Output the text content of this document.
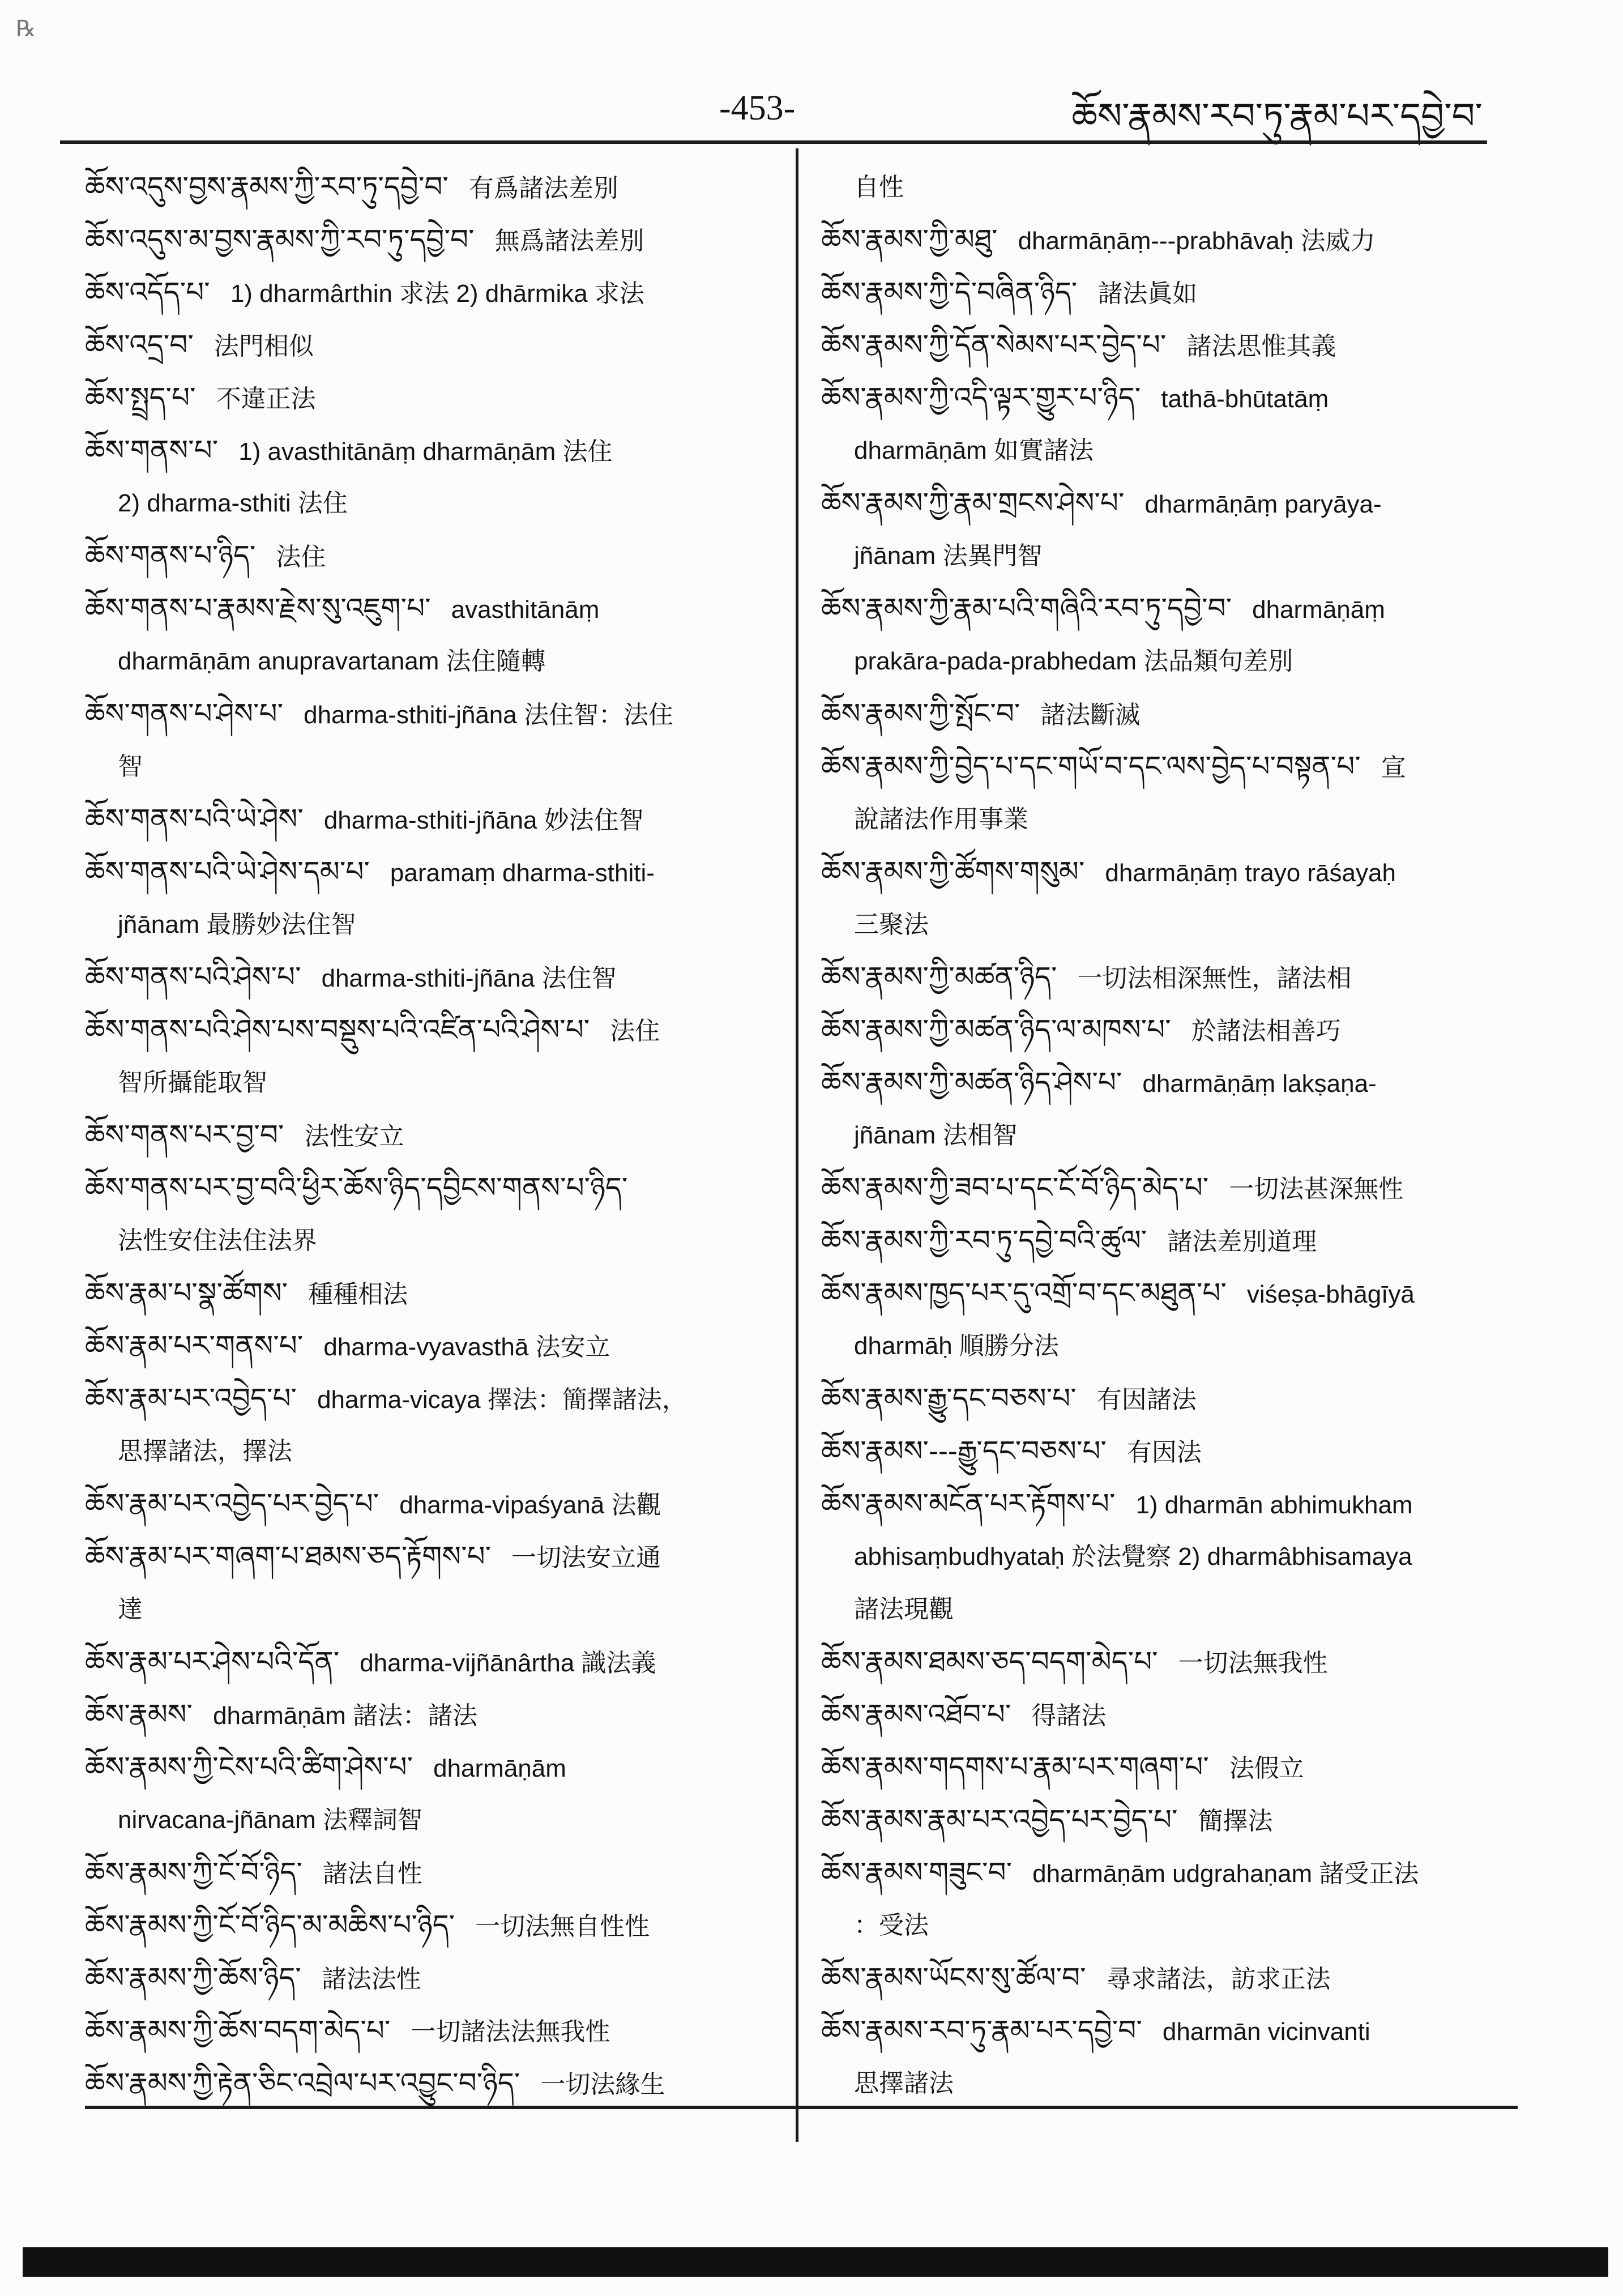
℞
-453-	ཆོས་རྣམས་རབ་ཏུ་རྣམ་པར་དབྱེ་བ་
ཆོས་འདུས་བྱས་རྣམས་ཀྱི་རབ་ཏུ་དབྱེ་བ་ 有爲諸法差別
ཆོས་འདུས་མ་བྱས་རྣམས་ཀྱི་རབ་ཏུ་དབྱེ་བ་ 無爲諸法差別
ཆོས་འདོད་པ་ 1) dharmârthin 求法 2) dhārmika 求法
ཆོས་འདྲ་བ་ 法門相似
ཆོས་སྤྲད་པ་ 不違正法
ཆོས་གནས་པ་ 1) avasthitānāṃ dharmāṇām 法住
2) dharma-sthiti 法住
ཆོས་གནས་པ་ཉིད་ 法住
ཆོས་གནས་པ་རྣམས་རྗེས་སུ་འཇུག་པ་ avasthitānāṃ
dharmāṇām anupravartanam 法住隨轉
ཆོས་གནས་པ་ཤེས་པ་ dharma-sthiti-jñāna 法住智：法住
智
ཆོས་གནས་པའི་ཡེ་ཤེས་ dharma-sthiti-jñāna 妙法住智
ཆོས་གནས་པའི་ཡེ་ཤེས་དམ་པ་ paramaṃ dharma-sthiti-
jñānam 最勝妙法住智
ཆོས་གནས་པའི་ཤེས་པ་ dharma-sthiti-jñāna 法住智
ཆོས་གནས་པའི་ཤེས་པས་བསྡུས་པའི་འཛིན་པའི་ཤེས་པ་ 法住
智所攝能取智
ཆོས་གནས་པར་བྱ་བ་ 法性安立
ཆོས་གནས་པར་བྱ་བའི་ཕྱིར་ཆོས་ཉིད་དབྱིངས་གནས་པ་ཉིད་
法性安住法住法界
ཆོས་རྣམ་པ་སྣ་ཚོགས་ 種種相法
ཆོས་རྣམ་པར་གནས་པ་ dharma-vyavasthā 法安立
ཆོས་རྣམ་པར་འབྱེད་པ་ dharma-vicaya 擇法：簡擇諸法，
思擇諸法，擇法
ཆོས་རྣམ་པར་འབྱེད་པར་བྱེད་པ་ dharma-vipaśyanā 法觀
ཆོས་རྣམ་པར་གཞག་པ་ཐམས་ཅད་རྟོགས་པ་ 一切法安立通
達
ཆོས་རྣམ་པར་ཤེས་པའི་དོན་ dharma-vijñānârtha 識法義
ཆོས་རྣམས་ dharmāṇām 諸法：諸法
ཆོས་རྣམས་ཀྱི་ངེས་པའི་ཚིག་ཤེས་པ་ dharmāṇām
nirvacana-jñānam 法釋詞智
ཆོས་རྣམས་ཀྱི་ངོ་བོ་ཉིད་ 諸法自性
ཆོས་རྣམས་ཀྱི་ངོ་བོ་ཉིད་མ་མཆིས་པ་ཉིད་ 一切法無自性性
ཆོས་རྣམས་ཀྱི་ཆོས་ཉིད་ 諸法法性
ཆོས་རྣམས་ཀྱི་ཆོས་བདག་མེད་པ་ 一切諸法法無我性
ཆོས་རྣམས་ཀྱི་རྟེན་ཅིང་འབྲེལ་པར་འབྱུང་བ་ཉིད་ 一切法緣生
自性
ཆོས་རྣམས་ཀྱི་མཐུ་ dharmāṇāṃ---prabhāvaḥ 法威力
ཆོས་རྣམས་ཀྱི་དེ་བཞིན་ཉིད་ 諸法眞如
ཆོས་རྣམས་ཀྱི་དོན་སེམས་པར་བྱེད་པ་ 諸法思惟其義
ཆོས་རྣམས་ཀྱི་འདི་ལྟར་གྱུར་པ་ཉིད་ tathā-bhūtatāṃ
dharmāṇām 如實諸法
ཆོས་རྣམས་ཀྱི་རྣམ་གྲངས་ཤེས་པ་ dharmāṇāṃ paryāya-
jñānam 法異門智
ཆོས་རྣམས་ཀྱི་རྣམ་པའི་གཞིའི་རབ་ཏུ་དབྱེ་བ་ dharmāṇāṃ
prakāra-pada-prabhedam 法品類句差別
ཆོས་རྣམས་ཀྱི་སྤོང་བ་ 諸法斷滅
ཆོས་རྣམས་ཀྱི་བྱེད་པ་དང་གཡོ་བ་དང་ལས་བྱེད་པ་བསྟན་པ་ 宣
說諸法作用事業
ཆོས་རྣམས་ཀྱི་ཚོགས་གསུམ་ dharmāṇāṃ trayo rāśayaḥ
三聚法
ཆོས་རྣམས་ཀྱི་མཚན་ཉིད་ 一切法相深無性，諸法相
ཆོས་རྣམས་ཀྱི་མཚན་ཉིད་ལ་མཁས་པ་ 於諸法相善巧
ཆོས་རྣམས་ཀྱི་མཚན་ཉིད་ཤེས་པ་ dharmāṇāṃ lakṣaṇa-
jñānam 法相智
ཆོས་རྣམས་ཀྱི་ཟབ་པ་དང་ངོ་བོ་ཉིད་མེད་པ་ 一切法甚深無性
ཆོས་རྣམས་ཀྱི་རབ་ཏུ་དབྱེ་བའི་ཚུལ་ 諸法差別道理
ཆོས་རྣམས་ཁྱད་པར་དུ་འགྲོ་བ་དང་མཐུན་པ་ viśeṣa-bhāgīyā
dharmāḥ 順勝分法
ཆོས་རྣམས་རྒྱུ་དང་བཅས་པ་ 有因諸法
ཆོས་རྣམས་---རྒྱུ་དང་བཅས་པ་ 有因法
ཆོས་རྣམས་མངོན་པར་རྟོགས་པ་ 1) dharmān abhimukham
abhisaṃbudhyataḥ 於法覺察 2) dharmâbhisamaya
諸法現觀
ཆོས་རྣམས་ཐམས་ཅད་བདག་མེད་པ་ 一切法無我性
ཆོས་རྣམས་འཐོབ་པ་ 得諸法
ཆོས་རྣམས་གདགས་པ་རྣམ་པར་གཞག་པ་ 法假立
ཆོས་རྣམས་རྣམ་པར་འབྱེད་པར་བྱེད་པ་ 簡擇法
ཆོས་རྣམས་གཟུང་བ་ dharmāṇām udgrahaṇam 諸受正法
：受法
ཆོས་རྣམས་ཡོངས་སུ་ཚོལ་བ་ 尋求諸法，訪求正法
ཆོས་རྣམས་རབ་ཏུ་རྣམ་པར་དབྱེ་བ་ dharmān vicinvanti
思擇諸法
